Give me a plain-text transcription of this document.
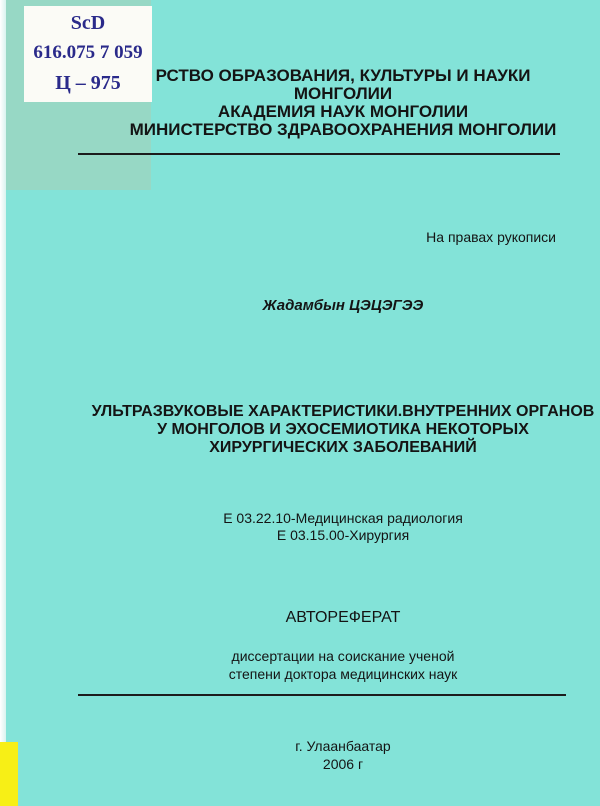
ScD
616.075 7 059
Ц – 975	РСТВО ОБРАЗОВАНИЯ, КУЛЬТУРЫ И НАУКИ
МОНГОЛИИ
АКАДЕМИЯ НАУК МОНГОЛИИ
МИНИСТЕРСТВО ЗДРАВООХРАНЕНИЯ МОНГОЛИИ
На правах рукописи
Жадамбын ЦЭЦЭГЭЭ
УЛЬТРАЗВУКОВЫЕ ХАРАКТЕРИСТИКИ.ВНУТРЕННИХ ОРГАНОВ
У МОНГОЛОВ И ЭХОСЕМИОТИКА НЕКОТОРЫХ
ХИРУРГИЧЕСКИХ ЗАБОЛЕВАНИЙ
Е 03.22.10-Медицинская радиология
Е 03.15.00-Хирургия
АВТОРЕФЕРАТ
диссертации на соискание ученой
степени доктора медицинских наук
г. Улаанбаатар
2006 г
